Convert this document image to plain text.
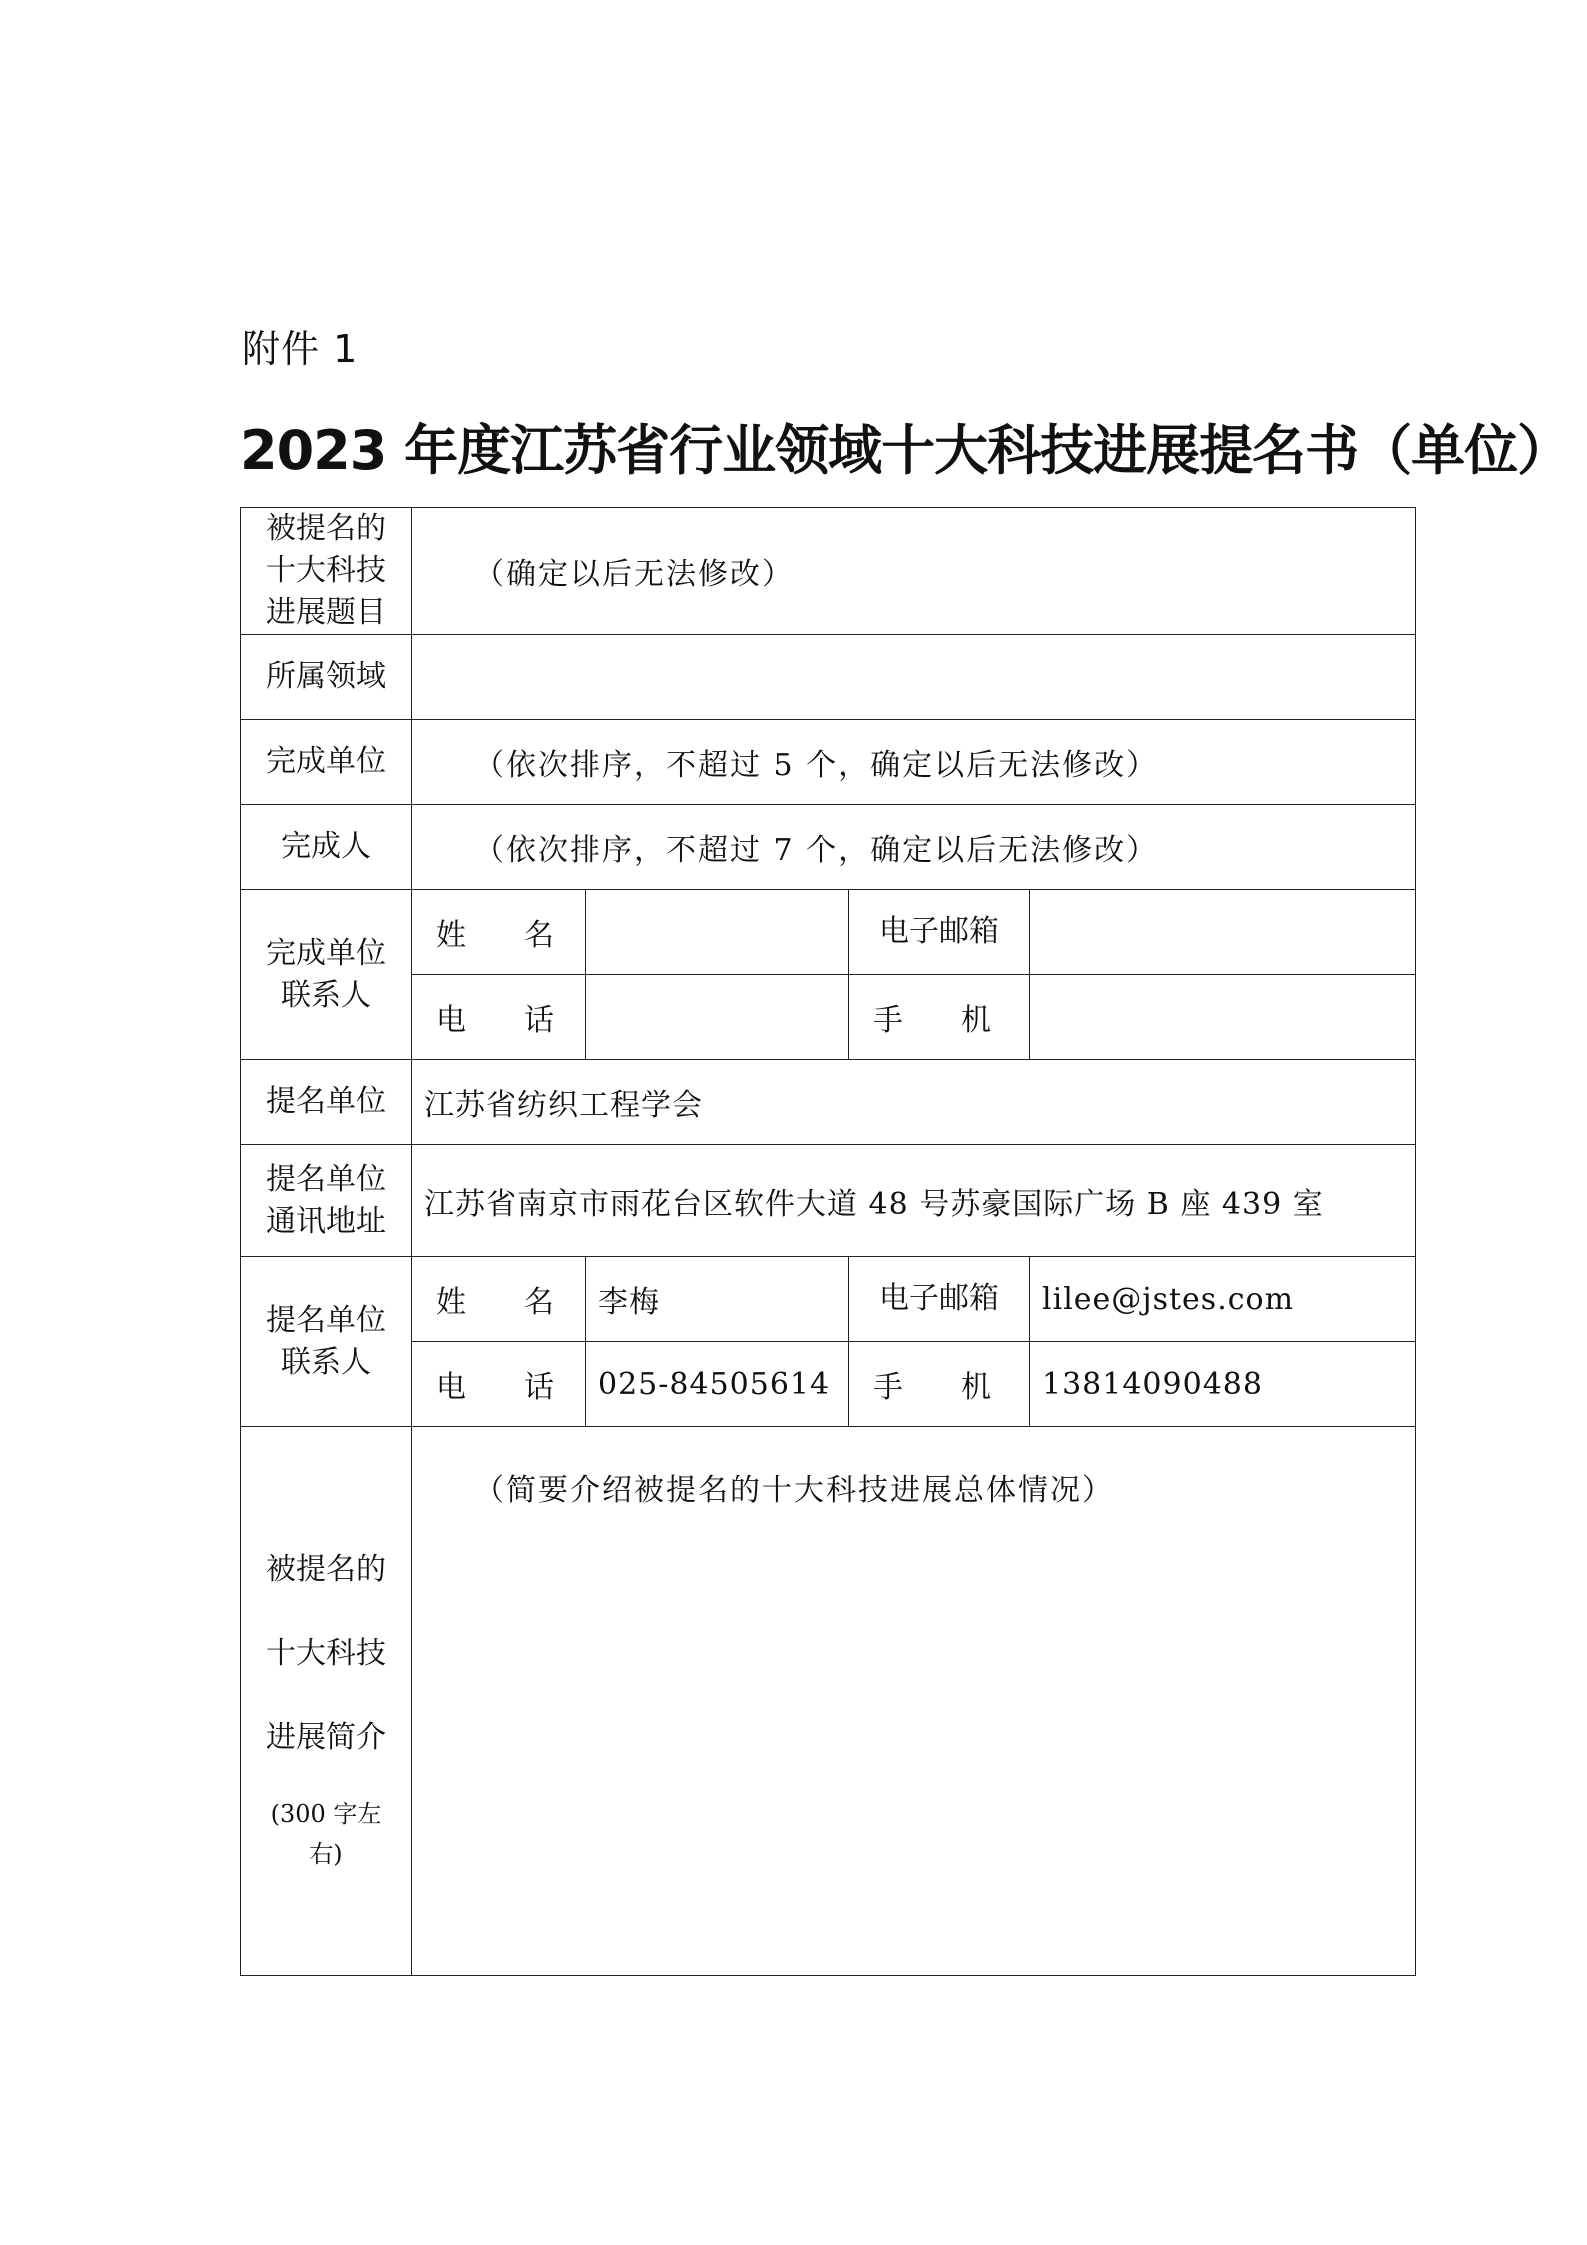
附件 1
2023 年度江苏省行业领域十大科技进展提名书（单位）
被提名的
十大科技
进展题目	（确定以后无法修改）			
所属领域				
完成单位	（依次排序，不超过 5 个，确定以后无法修改）			
完成人	（依次排序，不超过 7 个，确定以后无法修改）			
完成单位
联系人	姓 名		电子邮箱	

	电 话		手 机	

提名单位	江苏省纺织工程学会			
提名单位
通讯地址	江苏省南京市雨花台区软件大道 48 号苏豪国际广场 B 座 439 室			
提名单位
联系人	姓 名	李梅	电子邮箱	lilee@jstes.com

	电 话	025-84505614	手 机	13814090488
被提名的
十大科技
进展简介
(300 字左
右)	（简要介绍被提名的十大科技进展总体情况）			
